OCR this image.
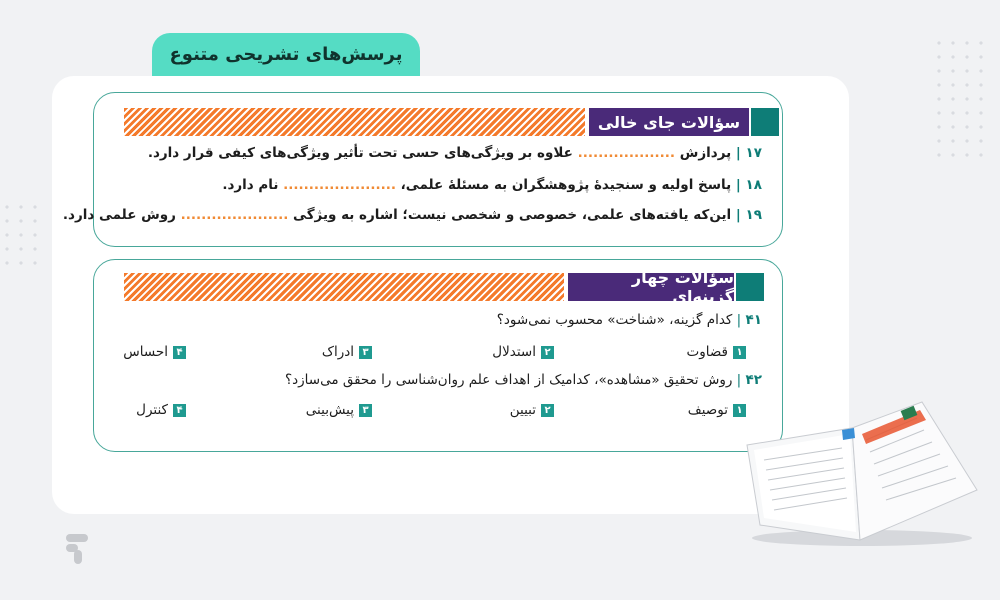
پرسش‌های تشریحی متنوع
سؤالات جای خالی
۱۷ | پردازش ................... علاوه بر ویژگی‌های حسی تحت تأثیر ویژگی‌های کیفی قرار دارد.
۱۸ | پاسخ اولیه و سنجیدهٔ پژوهشگران به مسئلهٔ علمی، ...................... نام دارد.
۱۹ | این‌که یافته‌های علمی، خصوصی و شخصی نیست؛ اشاره به ویژگی ..................... روش علمی دارد.
سؤالات چهار گزینه‌ای
۴۱ | کدام گزینه، «شناخت» محسوب نمی‌شود؟
۱
قضاوت
۲
استدلال
۳
ادراک
۴
احساس
۴۲ | روش تحقیق «مشاهده»، کدامیک از اهداف علم روان‌شناسی را محقق می‌سازد؟
۱
توصیف
۲
تبیین
۳
پیش‌بینی
۴
کنترل
